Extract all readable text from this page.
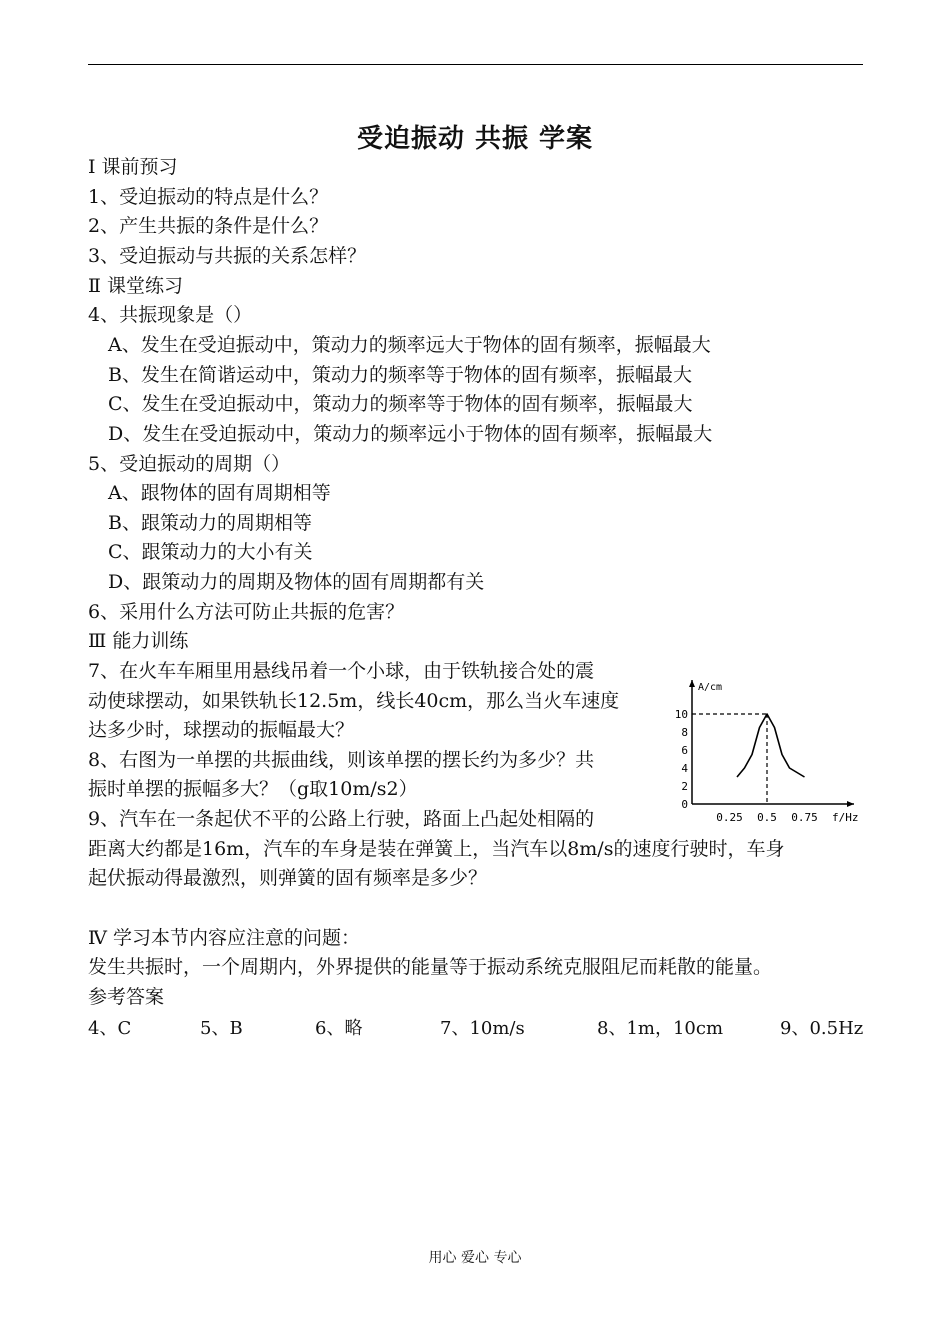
受迫振动 共振 学案
Ⅰ 课前预习
1、受迫振动的特点是什么？
2、产生共振的条件是什么？
3、受迫振动与共振的关系怎样？
Ⅱ 课堂练习
4、共振现象是（）
A、发生在受迫振动中，策动力的频率远大于物体的固有频率，振幅最大
B、发生在简谐运动中，策动力的频率等于物体的固有频率，振幅最大
C、发生在受迫振动中，策动力的频率等于物体的固有频率，振幅最大
D、发生在受迫振动中，策动力的频率远小于物体的固有频率，振幅最大
5、受迫振动的周期（）
A、跟物体的固有周期相等
B、跟策动力的周期相等
C、跟策动力的大小有关
D、跟策动力的周期及物体的固有周期都有关
6、采用什么方法可防止共振的危害？
Ⅲ 能力训练
7、在火车车厢里用悬线吊着一个小球，由于铁轨接合处的震
动使球摆动，如果铁轨长12.5m，线长40cm，那么当火车速度
达多少时，球摆动的振幅最大？
8、右图为一单摆的共振曲线，则该单摆的摆长约为多少？共
振时单摆的振幅多大？（g取10m/s2）
9、汽车在一条起伏不平的公路上行驶，路面上凸起处相隔的
距离大约都是16m，汽车的车身是装在弹簧上，当汽车以8m/s的速度行驶时，车身
起伏振动得最激烈，则弹簧的固有频率是多少？
Ⅳ 学习本节内容应注意的问题：
发生共振时，一个周期内，外界提供的能量等于振动系统克服阻尼而耗散的能量。
参考答案
4、C	5、B	6、略	7、10m/s	8、1m，10cm	9、0.5Hz
A/cm
f/Hz
0
2
4
6
8
10
0.25 0.5 0.75
用心 爱心 专心
